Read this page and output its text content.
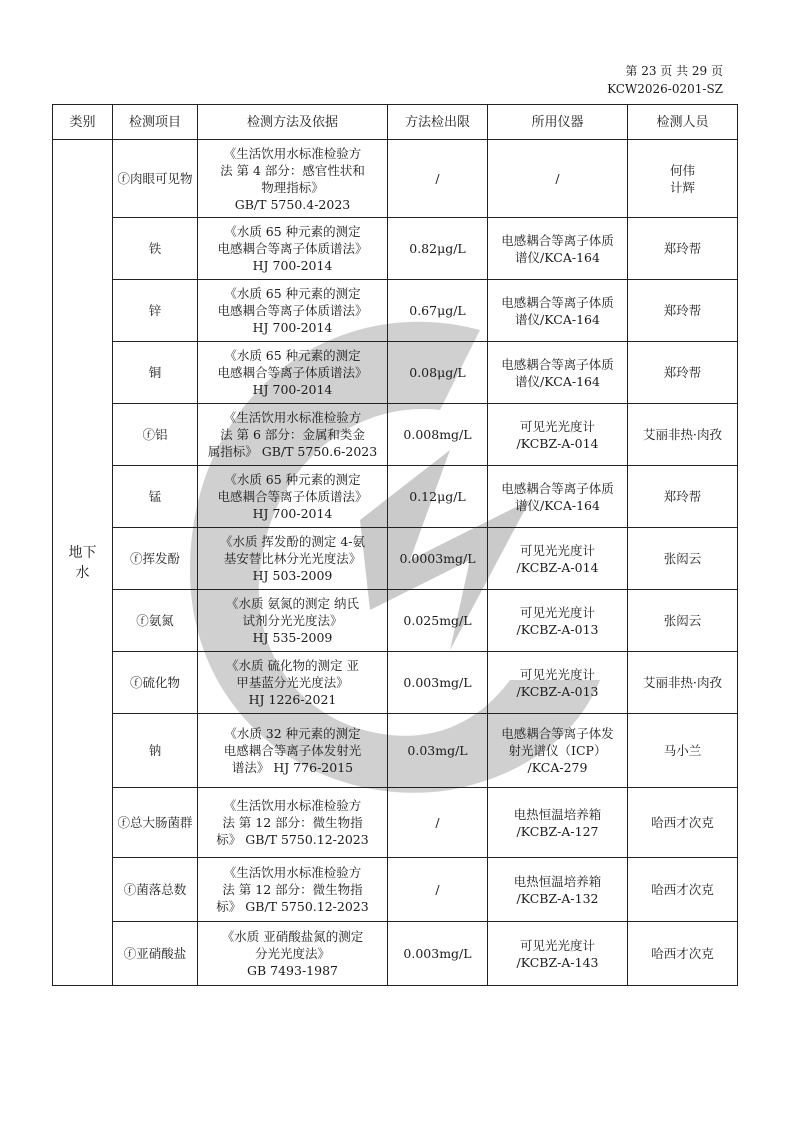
第 23 页 共 29 页
KCW2026-0201-SZ
类别	检测项目	检测方法及依据	方法检出限	所用仪器	检测人员
地下水	ⓕ肉眼可见物	《生活饮用水标准检验方
法 第 4 部分：感官性状和
物理指标》
GB/T 5750.4-2023	/	/	何伟
计辉

	铁	《水质 65 种元素的测定
电感耦合等离子体质谱法》
HJ 700-2014	0.82μg/L	电感耦合等离子体质
谱仪/KCA-164	郑玲帮

	锌	《水质 65 种元素的测定
电感耦合等离子体质谱法》
HJ 700-2014	0.67μg/L	电感耦合等离子体质
谱仪/KCA-164	郑玲帮

	铜	《水质 65 种元素的测定
电感耦合等离子体质谱法》
HJ 700-2014	0.08μg/L	电感耦合等离子体质
谱仪/KCA-164	郑玲帮

	ⓕ铝	《生活饮用水标准检验方
法 第 6 部分：金属和类金
属指标》 GB/T 5750.6-2023	0.008mg/L	可见光光度计
/KCBZ-A-014	艾丽非热·肉孜

	锰	《水质 65 种元素的测定
电感耦合等离子体质谱法》
HJ 700-2014	0.12μg/L	电感耦合等离子体质
谱仪/KCA-164	郑玲帮

	ⓕ挥发酚	《水质 挥发酚的测定 4-氨
基安替比林分光光度法》
HJ 503-2009	0.0003mg/L	可见光光度计
/KCBZ-A-014	张闳云

	ⓕ氨氮	《水质 氨氮的测定 纳氏
试剂分光光度法》
HJ 535-2009	0.025mg/L	可见光光度计
/KCBZ-A-013	张闳云

	ⓕ硫化物	《水质 硫化物的测定 亚
甲基蓝分光光度法》
HJ 1226-2021	0.003mg/L	可见光光度计
/KCBZ-A-013	艾丽非热·肉孜

	钠	《水质 32 种元素的测定
电感耦合等离子体发射光
谱法》 HJ 776-2015	0.03mg/L	电感耦合等离子体发
射光谱仪（ICP）
/KCA-279	马小兰

	ⓕ总大肠菌群	《生活饮用水标准检验方
法 第 12 部分：微生物指
标》 GB/T 5750.12-2023	/	电热恒温培养箱
/KCBZ-A-127	哈西才次克

	ⓕ菌落总数	《生活饮用水标准检验方
法 第 12 部分：微生物指
标》 GB/T 5750.12-2023	/	电热恒温培养箱
/KCBZ-A-132	哈西才次克

	ⓕ亚硝酸盐	《水质 亚硝酸盐氮的测定
分光光度法》
GB 7493-1987	0.003mg/L	可见光光度计
/KCBZ-A-143	哈西才次克
